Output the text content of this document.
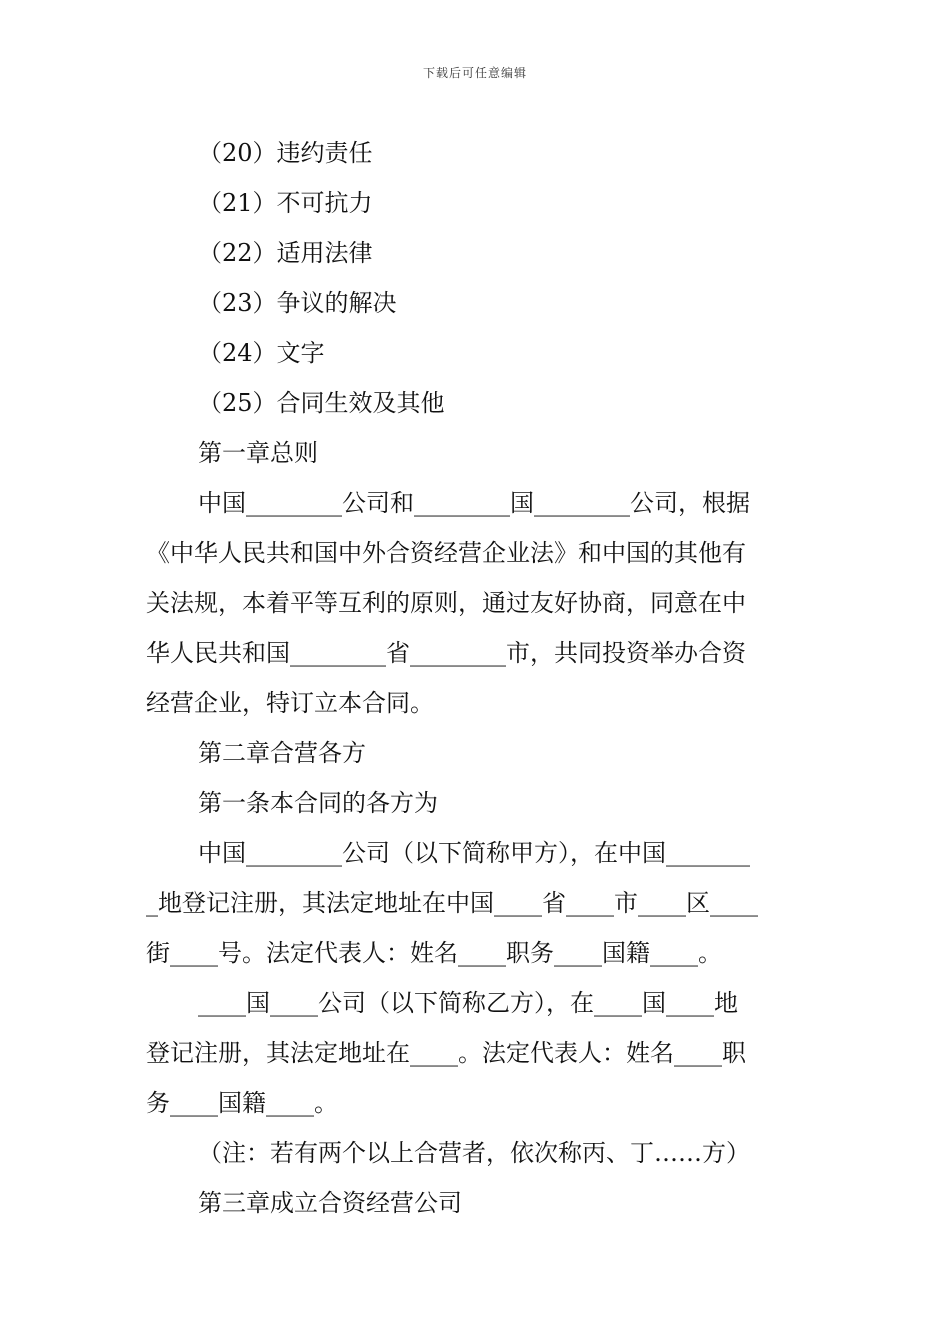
下载后可任意编辑
（20）违约责任
（21）不可抗力
（22）适用法律
（23）争议的解决
（24）文字
（25）合同生效及其他
第一章总则
中国________公司和________国________公司，根据
《中华人民共和国中外合资经营企业法》和中国的其他有
关法规，本着平等互利的原则，通过友好协商，同意在中
华人民共和国________省________市，共同投资举办合资
经营企业，特订立本合同。
第二章合营各方
第一条本合同的各方为
中国________公司（以下简称甲方），在中国_______
_地登记注册，其法定地址在中国____省____市____区____
街____号。法定代表人：姓名____职务____国籍____。
____国____公司（以下简称乙方），在____国____地
登记注册，其法定地址在____。法定代表人：姓名____职
务____国籍____。
（注：若有两个以上合营者，依次称丙、丁……方）
第三章成立合资经营公司
